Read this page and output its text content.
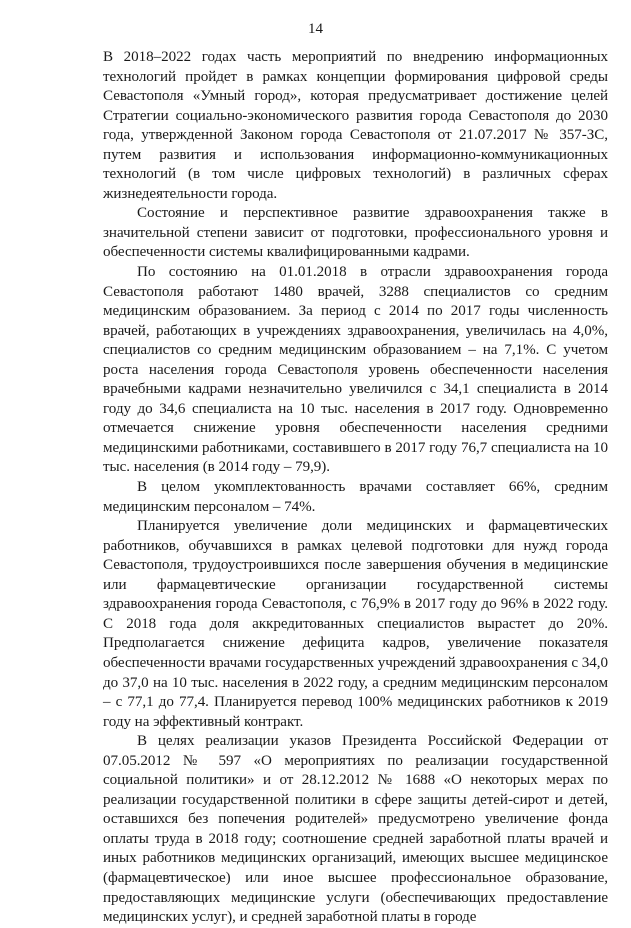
14

В 2018–2022 годах часть мероприятий по внедрению информационных технологий пройдет в рамках концепции формирования цифровой среды Севастополя «Умный город», которая предусматривает достижение целей Стратегии социально-экономического развития города Севастополя до 2030 года, утвержденной Законом города Севастополя от 21.07.2017 № 357-ЗС, путем развития и использования информационно-коммуникационных технологий (в том числе цифровых технологий) в различных сферах жизнедеятельности города.

Состояние и перспективное развитие здравоохранения также в значительной степени зависит от подготовки, профессионального уровня и обеспеченности системы квалифицированными кадрами.

По состоянию на 01.01.2018 в отрасли здравоохранения города Севастополя работают 1480 врачей, 3288 специалистов со средним медицинским образованием. За период с 2014 по 2017 годы численность врачей, работающих в учреждениях здравоохранения, увеличилась на 4,0%, специалистов со средним медицинским образованием – на 7,1%. С учетом роста населения города Севастополя уровень обеспеченности населения врачебными кадрами незначительно увеличился с 34,1 специалиста в 2014 году до 34,6 специалиста на 10 тыс. населения в 2017 году. Одновременно отмечается снижение уровня обеспеченности населения средними медицинскими работниками, составившего в 2017 году 76,7 специалиста на 10 тыс. населения (в 2014 году – 79,9).

В целом укомплектованность врачами составляет 66%, средним медицинским персоналом – 74%.

Планируется увеличение доли медицинских и фармацевтических работников, обучавшихся в рамках целевой подготовки для нужд города Севастополя, трудоустроившихся после завершения обучения в медицинские или фармацевтические организации государственной системы здравоохранения города Севастополя, с 76,9% в 2017 году до 96% в 2022 году. С 2018 года доля аккредитованных специалистов вырастет до 20%. Предполагается снижение дефицита кадров, увеличение показателя обеспеченности врачами государственных учреждений здравоохранения с 34,0 до 37,0 на 10 тыс. населения в 2022 году, а средним медицинским персоналом – с 77,1 до 77,4. Планируется перевод 100% медицинских работников к 2019 году на эффективный контракт.

В целях реализации указов Президента Российской Федерации от 07.05.2012 № 597 «О мероприятиях по реализации государственной социальной политики» и от 28.12.2012 № 1688 «О некоторых мерах по реализации государственной политики в сфере защиты детей-сирот и детей, оставшихся без попечения родителей» предусмотрено увеличение фонда оплаты труда в 2018 году; соотношение средней заработной платы врачей и иных работников медицинских организаций, имеющих высшее медицинское (фармацевтическое) или иное высшее профессиональное образование, предоставляющих медицинские услуги (обеспечивающих предоставление медицинских услуг), и средней заработной платы в городе
